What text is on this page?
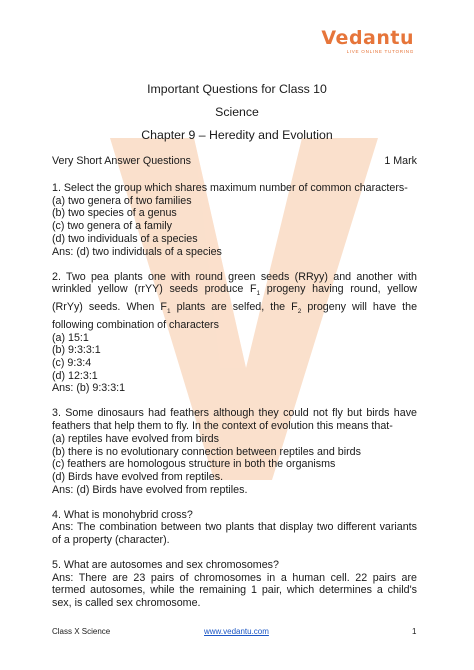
Vedantu
LIVE ONLINE TUTORING
Important Questions for Class 10
Science
Chapter 9 – Heredity and Evolution
Very Short Answer Questions	1 Mark

1. Select the group which shares maximum number of common characters-

(a) two genera of two families

(b) two species of a genus

(c) two genera of a family

(d) two individuals of a species

Ans: (d) two individuals of a species

2. Two pea plants one with round green seeds (RRyy) and another with wrinkled yellow (rrYY) seeds produce $F_1$ progeny having round, yellow (RrYy) seeds. When $F_1$ plants are selfed, the $F_2$ progeny will have the following combination of characters

(a) 15:1

(b) 9:3:3:1

(c) 9:3:4

(d) 12:3:1

Ans: (b) 9:3:3:1

3. Some dinosaurs had feathers although they could not fly but birds have feathers that help them to fly. In the context of evolution this means that-

(a) reptiles have evolved from birds

(b) there is no evolutionary connection between reptiles and birds

(c) feathers are homologous structure in both the organisms

(d) Birds have evolved from reptiles.

Ans: (d) Birds have evolved from reptiles.

4. What is monohybrid cross?

Ans: The combination between two plants that display two different variants of a property (character).

5. What are autosomes and sex chromosomes?

Ans: There are 23 pairs of chromosomes in a human cell. 22 pairs are termed autosomes, while the remaining 1 pair, which determines a child's sex, is called sex chromosome.

Class X Science	www.vedantu.com	1
